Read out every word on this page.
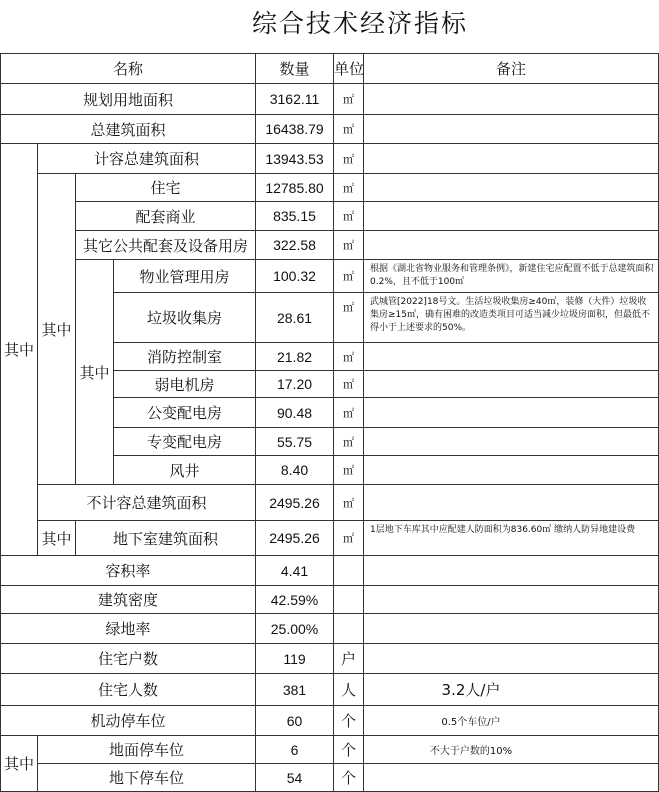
综合技术经济指标
名称				数量	单位	备注
规划用地面积				3162.11	㎡	
总建筑面积				16438.79	㎡	
其中	计容总建筑面积			13943.53	㎡	
	其中	住宅		12785.80	㎡	
		配套商业		835.15	㎡	
		其它公共配套及设备用房		322.58	㎡	
		其中	物业管理用房	100.32	㎡	根据《湖北省物业服务和管理条例》，新建住宅应配置不低于总建筑面积0.2%，且不低于100㎡
			垃圾收集房	28.61	㎡	武城管[2022]18号文。生活垃圾收集房≥40㎡，装修（大件）垃圾收集房≥15㎡，确有困难的改造类项目可适当减少垃圾房面积，但最低不得小于上述要求的50%。
			消防控制室	21.82	㎡	
			弱电机房	17.20	㎡	
			公变配电房	90.48	㎡	
			专变配电房	55.75	㎡	
			风井	8.40	㎡	
	不计容总建筑面积			2495.26	㎡	
	其中	地下室建筑面积		2495.26	㎡	1层地下车库其中应配建人防面积为836.60㎡ 缴纳人防异地建设费
容积率				4.41		
建筑密度				42.59%		
绿地率				25.00%		
住宅户数				119	户	
住宅人数				381	人	3.2人/户
机动停车位				60	个	0.5个车位/户
其中	地面停车位			6	个	不大于户数的10%
	地下停车位			54	个	
